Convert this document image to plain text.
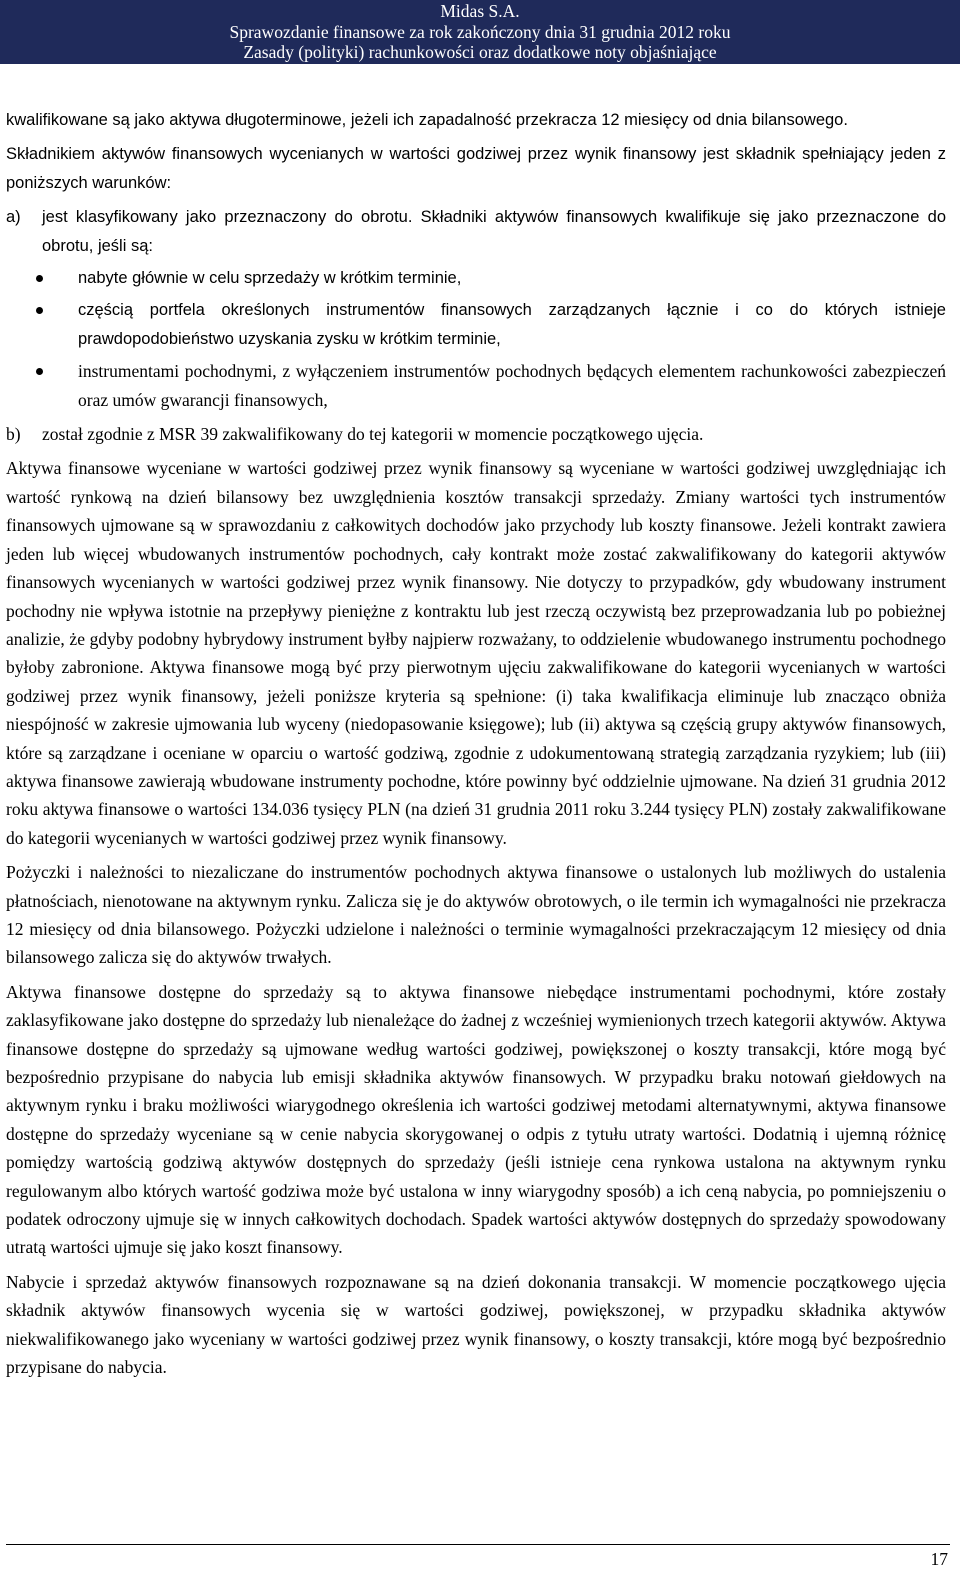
Midas S.A.
Sprawozdanie finansowe za rok zakończony dnia 31 grudnia 2012 roku
Zasady (polityki) rachunkowości oraz dodatkowe noty objaśniające

kwalifikowane są jako aktywa długoterminowe, jeżeli ich zapadalność przekracza 12 miesięcy od dnia bilansowego.

Składnikiem aktywów finansowych wycenianych w wartości godziwej przez wynik finansowy jest składnik spełniający jeden z poniższych warunków:

a)	jest klasyfikowany jako przeznaczony do obrotu. Składniki aktywów finansowych kwalifikuje się jako przeznaczone do obrotu, jeśli są:
nabyte głównie w celu sprzedaży w krótkim terminie,
częścią portfela określonych instrumentów finansowych zarządzanych łącznie i co do których istnieje prawdopodobieństwo uzyskania zysku w krótkim terminie,
instrumentami pochodnymi, z wyłączeniem instrumentów pochodnych będących elementem rachunkowości zabezpieczeń oraz umów gwarancji finansowych,
b)	został zgodnie z MSR 39 zakwalifikowany do tej kategorii w momencie początkowego ujęcia.

Aktywa finansowe wyceniane w wartości godziwej przez wynik finansowy są wyceniane w wartości godziwej uwzględniając ich wartość rynkową na dzień bilansowy bez uwzględnienia kosztów transakcji sprzedaży. Zmiany wartości tych instrumentów finansowych ujmowane są w sprawozdaniu z całkowitych dochodów jako przychody lub koszty finansowe. Jeżeli kontrakt zawiera jeden lub więcej wbudowanych instrumentów pochodnych, cały kontrakt może zostać zakwalifikowany do kategorii aktywów finansowych wycenianych w wartości godziwej przez wynik finansowy. Nie dotyczy to przypadków, gdy wbudowany instrument pochodny nie wpływa istotnie na przepływy pieniężne z kontraktu lub jest rzeczą oczywistą bez przeprowadzania lub po pobieżnej analizie, że gdyby podobny hybrydowy instrument byłby najpierw rozważany, to oddzielenie wbudowanego instrumentu pochodnego byłoby zabronione. Aktywa finansowe mogą być przy pierwotnym ujęciu zakwalifikowane do kategorii wycenianych w wartości godziwej przez wynik finansowy, jeżeli poniższe kryteria są spełnione: (i) taka kwalifikacja eliminuje lub znacząco obniża niespójność w zakresie ujmowania lub wyceny (niedopasowanie księgowe); lub (ii) aktywa są częścią grupy aktywów finansowych, które są zarządzane i oceniane w oparciu o wartość godziwą, zgodnie z udokumentowaną strategią zarządzania ryzykiem; lub (iii) aktywa finansowe zawierają wbudowane instrumenty pochodne, które powinny być oddzielnie ujmowane. Na dzień 31 grudnia 2012 roku aktywa finansowe o wartości 134.036 tysięcy PLN (na dzień 31 grudnia 2011 roku 3.244 tysięcy PLN) zostały zakwalifikowane do kategorii wycenianych w wartości godziwej przez wynik finansowy.

Pożyczki i należności to niezaliczane do instrumentów pochodnych aktywa finansowe o ustalonych lub możliwych do ustalenia płatnościach, nienotowane na aktywnym rynku. Zalicza się je do aktywów obrotowych, o ile termin ich wymagalności nie przekracza 12 miesięcy od dnia bilansowego. Pożyczki udzielone i należności o terminie wymagalności przekraczającym 12 miesięcy od dnia bilansowego zalicza się do aktywów trwałych.

Aktywa finansowe dostępne do sprzedaży są to aktywa finansowe niebędące instrumentami pochodnymi, które zostały zaklasyfikowane jako dostępne do sprzedaży lub nienależące do żadnej z wcześniej wymienionych trzech kategorii aktywów. Aktywa finansowe dostępne do sprzedaży są ujmowane według wartości godziwej, powiększonej o koszty transakcji, które mogą być bezpośrednio przypisane do nabycia lub emisji składnika aktywów finansowych. W przypadku braku notowań giełdowych na aktywnym rynku i braku możliwości wiarygodnego określenia ich wartości godziwej metodami alternatywnymi, aktywa finansowe dostępne do sprzedaży wyceniane są w cenie nabycia skorygowanej o odpis z tytułu utraty wartości. Dodatnią i ujemną różnicę pomiędzy wartością godziwą aktywów dostępnych do sprzedaży (jeśli istnieje cena rynkowa ustalona na aktywnym rynku regulowanym albo których wartość godziwa może być ustalona w inny wiarygodny sposób) a ich ceną nabycia, po pomniejszeniu o podatek odroczony ujmuje się w innych całkowitych dochodach. Spadek wartości aktywów dostępnych do sprzedaży spowodowany utratą wartości ujmuje się jako koszt finansowy.

Nabycie i sprzedaż aktywów finansowych rozpoznawane są na dzień dokonania transakcji. W momencie początkowego ujęcia składnik aktywów finansowych wycenia się w wartości godziwej, powiększonej, w przypadku składnika aktywów niekwalifikowanego jako wyceniany w wartości godziwej przez wynik finansowy, o koszty transakcji, które mogą być bezpośrednio przypisane do nabycia.

17
